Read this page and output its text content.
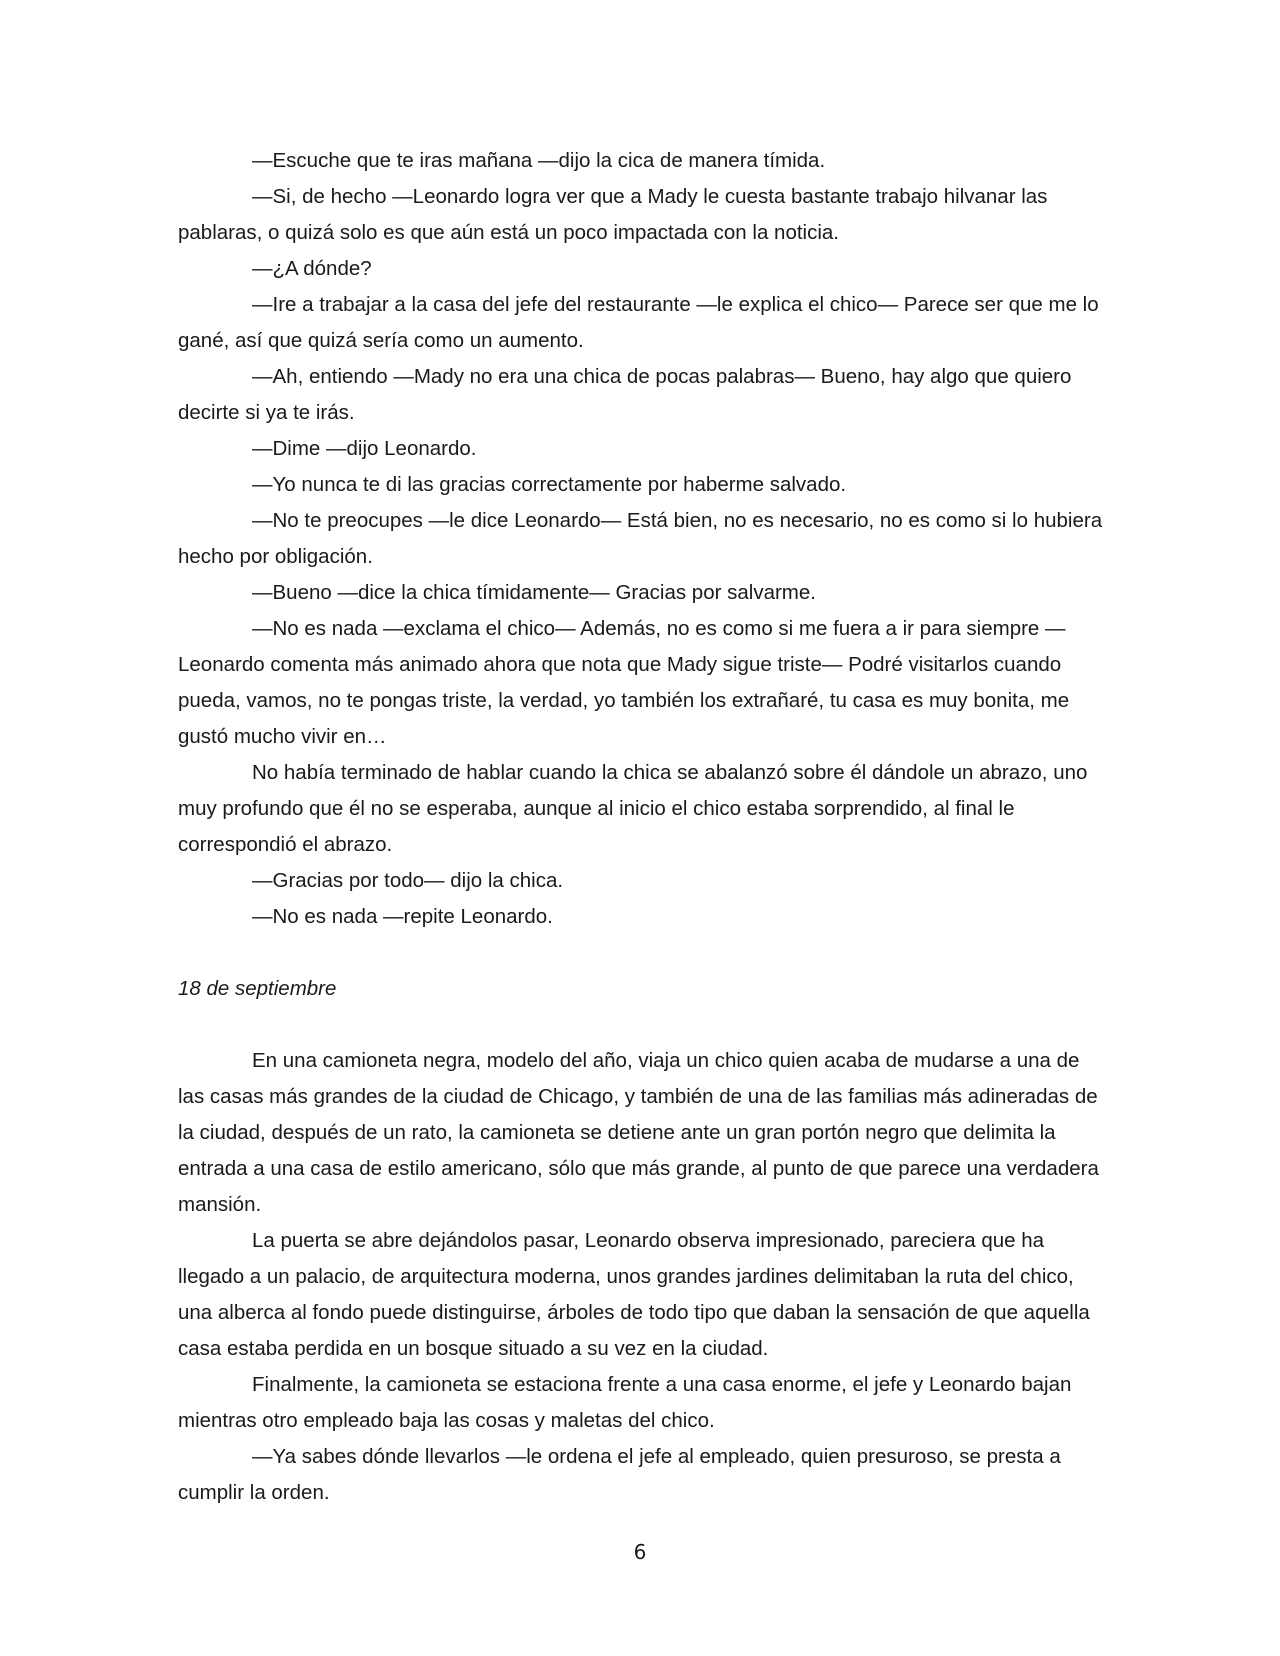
—Escuche que te iras mañana —dijo la cica de manera tímida.

—Si, de hecho —Leonardo logra ver que a Mady le cuesta bastante trabajo hilvanar las pablaras, o quizá solo es que aún está un poco impactada con la noticia.

—¿A dónde?

—Ire a trabajar a la casa del jefe del restaurante —le explica el chico— Parece ser que me lo gané, así que quizá sería como un aumento.

—Ah, entiendo —Mady no era una chica de pocas palabras— Bueno, hay algo que quiero decirte si ya te irás.

—Dime —dijo Leonardo.

—Yo nunca te di las gracias correctamente por haberme salvado.

—No te preocupes —le dice Leonardo— Está bien, no es necesario, no es como si lo hubiera hecho por obligación.

—Bueno —dice la chica tímidamente— Gracias por salvarme.

—No es nada —exclama el chico— Además, no es como si me fuera a ir para siempre —Leonardo comenta más animado ahora que nota que Mady sigue triste— Podré visitarlos cuando pueda, vamos, no te pongas triste, la verdad, yo también los extrañaré, tu casa es muy bonita, me gustó mucho vivir en…

No había terminado de hablar cuando la chica se abalanzó sobre él dándole un abrazo, uno muy profundo que él no se esperaba, aunque al inicio el chico estaba sorprendido, al final le correspondió el abrazo.

—Gracias por todo— dijo la chica.

—No es nada —repite Leonardo.

18 de septiembre

En una camioneta negra, modelo del año, viaja un chico quien acaba de mudarse a una de las casas más grandes de la ciudad de Chicago, y también de una de las familias más adineradas de la ciudad, después de un rato, la camioneta se detiene ante un gran portón negro que delimita la entrada a una casa de estilo americano, sólo que más grande, al punto de que parece una verdadera mansión.

La puerta se abre dejándolos pasar, Leonardo observa impresionado, pareciera que ha llegado a un palacio, de arquitectura moderna, unos grandes jardines delimitaban la ruta del chico, una alberca al fondo puede distinguirse, árboles de todo tipo que daban la sensación de que aquella casa estaba perdida en un bosque situado a su vez en la ciudad.

Finalmente, la camioneta se estaciona frente a una casa enorme, el jefe y Leonardo bajan mientras otro empleado baja las cosas y maletas del chico.

—Ya sabes dónde llevarlos —le ordena el jefe al empleado, quien presuroso, se presta a cumplir la orden.

6
